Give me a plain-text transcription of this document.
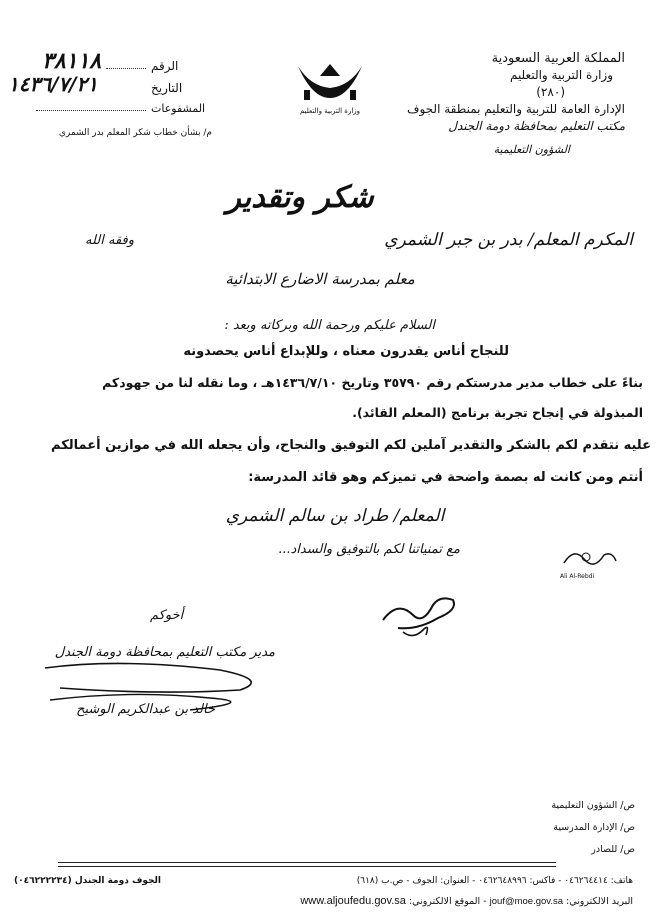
المملكة العربية السعودية
وزارة التربية والتعليم
(٢٨٠)
الإدارة العامة للتربية والتعليم بمنطقة الجوف
مكتب التعليم بمحافظة دومة الجندل
الشؤون التعليمية
وزارة التربية والتعليم
٣٨١١٨	الرقم
١٤٣٦/٧/٢١	التاريخ
المشفوعات
م/ بشأن خطاب شكر المعلم بدر الشمري
شكر وتقدير
المكرم المعلم/ بدر بن جبر الشمري
وفقه الله
معلم بمدرسة الاضارع الابتدائية
السلام عليكم ورحمة الله وبركاته وبعد :
للنجاح أناس يقدرون معناه ، وللإبداع أناس يحصدونه
بناءً على خطاب مدير مدرستكم رقم ٣٥٧٩٠ وتاريخ ١٤٣٦/٧/١٠هـ ، وما نقله لنا من جهودكم
المبذولة في إنجاح تجربة برنامج (المعلم القائد).
عليه نتقدم لكم بالشكر والتقدير آملين لكم التوفيق والنجاح، وأن يجعله الله في موازين أعمالكم
أنتم ومن كانت له بصمة واضحة في تميزكم وهو قائد المدرسة:
المعلم/ طراد بن سالم الشمري
مع تمنياتنا لكم بالتوفيق والسداد...
Ali Al-Rebdi
أخوكم
مدير مكتب التعليم بمحافظة دومة الجندل
خالد بن عبدالكريم الوشيح
ص/ الشؤون التعليمية
ص/ الإدارة المدرسية
ص/ للصادر
هاتف: ٠٤٦٢٦٤٤١٤ - فاكس: ٠٤٦٢٦٤٨٩٩٦ - العنوان: الجوف - ص.ب (٦١٨)
الجوف دومة الجندل (٠٤٦٢٢٢٢٣٤)
البريد الالكتروني: jouf@moe.gov.sa - الموقع الالكتروني: www.aljoufedu.gov.sa
